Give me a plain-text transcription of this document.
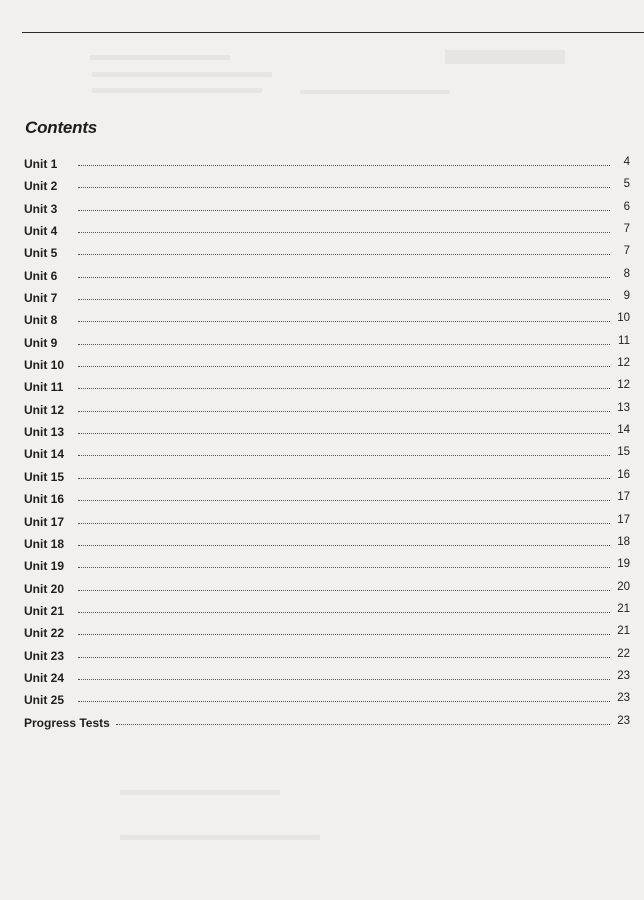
Contents
Unit 1	4
Unit 2	5
Unit 3	6
Unit 4	7
Unit 5	7
Unit 6	8
Unit 7	9
Unit 8	10
Unit 9	11
Unit 10	12
Unit 11	12
Unit 12	13
Unit 13	14
Unit 14	15
Unit 15	16
Unit 16	17
Unit 17	17
Unit 18	18
Unit 19	19
Unit 20	20
Unit 21	21
Unit 22	21
Unit 23	22
Unit 24	23
Unit 25	23
Progress Tests	23
